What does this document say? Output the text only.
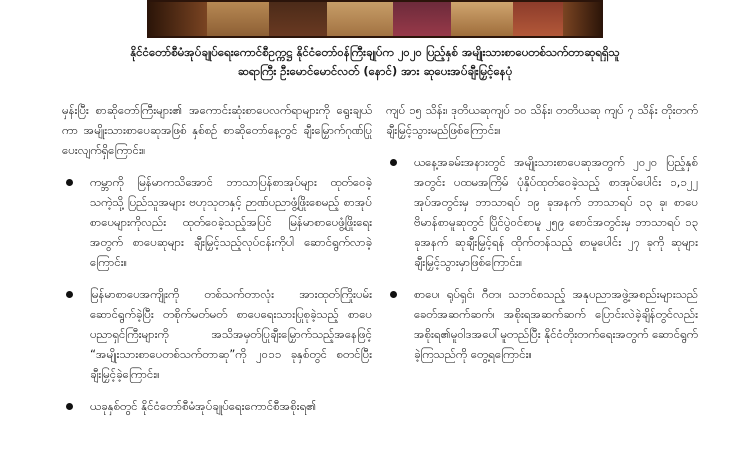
နိုင်ငံတော်စီမံအုပ်ချုပ်ရေးကောင်စီဥက္ကဋ္ဌ နိုင်ငံတော်ဝန်ကြီးချုပ်က ၂၀၂၀ ပြည့်နှစ် အမျိုးသားစာပေတစ်သက်တာဆုရရှိသူ
ဆရာကြီး ဦးမောင်မောင်လတ် (နောင်) အား ဆုပေးအပ်ချီးမြှင့်နေပုံ
မှန်းပြီး စာဆိုတော်ကြီးများ၏ အကောင်းဆုံးစာပေလက်ရာများကို ရွေးချယ်ကာ အမျိုးသားစာပေဆုအဖြစ် နှစ်စဉ် စာဆိုတော်နေ့တွင် ချီးမြှောက်ဂုဏ်ပြုပေးလျက်ရှိကြောင်း။
ကမ္ဘာကို မြန်မာကသိအောင် ဘာသာပြန်စာအုပ်များ ထုတ်ဝေခဲ့သကဲ့သို့ ပြည်သူအများ ဗဟုသုတနှင့် ဉာဏ်ပညာဖွံ့ဖြိုးစေမည့် စာအုပ်စာပေများကိုလည်း ထုတ်ဝေခဲ့သည့်အပြင် မြန်မာစာပေဖွံ့ဖြိုးရေးအတွက် စာပေဆုများ ချီးမြှင့်သည့်လုပ်ငန်းကိုပါ ဆောင်ရွက်လာခဲ့ကြောင်း။
မြန်မာစာပေအကျိုးကို တစ်သက်တာလုံး အားထုတ်ကြိုးပမ်းဆောင်ရွက်ခဲ့ပြီး တစိုက်မတ်မတ် စာပေရေးသားပြုစုခဲ့သည့် စာပေပညာရှင်ကြီးများကို အသိအမှတ်ပြုချီးမြှောက်သည့်အနေဖြင့် “အမျိုးသားစာပေတစ်သက်တာဆု”ကို ၂၀၁၁ ခုနှစ်တွင် စတင်ပြီးချီးမြှင့်ခဲ့ကြောင်း။
ယခုနှစ်တွင် နိုင်ငံတော်စီမံအုပ်ချုပ်ရေးကောင်စီအစိုးရ၏
ကျပ် ၁၅ သိန်း၊ ဒုတိယဆုကျပ် ၁၀ သိန်း၊ တတိယဆု ကျပ် ၇ သိန်း တိုးတက်ချီးမြှင့်သွားမည်ဖြစ်ကြောင်း။
ယနေ့အခမ်းအနားတွင် အမျိုးသားစာပေဆုအတွက် ၂၀၂၀ ပြည့်နှစ်အတွင်း ပထမအကြိမ် ပုံနှိပ်ထုတ်ဝေခဲ့သည့် စာအုပ်ပေါင်း ၁,၁၂၂ အုပ်အတွင်းမှ ဘာသာရပ် ၁၉ ခုအနက် ဘာသာရပ် ၁၃ ခု၊ စာပေဗိမာန်စာမူဆုတွင် ပြိုင်ပွဲဝင်စာမူ ၂၅၉ စောင်အတွင်းမှ ဘာသာရပ် ၁၃ ခုအနက် ဆုချီးမြှင့်ရန် ထိုက်တန်သည့် စာမူပေါင်း ၂၇ ခုကို ဆုများချီးမြှင့်သွားမှာဖြစ်ကြောင်း။
စာပေ၊ ရုပ်ရှင်၊ ဂီတ၊ သဘင်စသည့် အနုပညာအဖွဲ့အစည်းများသည် ခေတ်အဆက်ဆက်၊ အစိုးရအဆက်ဆက် ပြောင်းလဲခဲ့ချိန်တွင်လည်း အစိုးရ၏မူဝါဒအပေါ်မူတည်ပြီး နိုင်ငံတိုးတက်ရေးအတွက် ဆောင်ရွက်ခဲ့ကြသည်ကို တွေ့ရကြောင်း။
